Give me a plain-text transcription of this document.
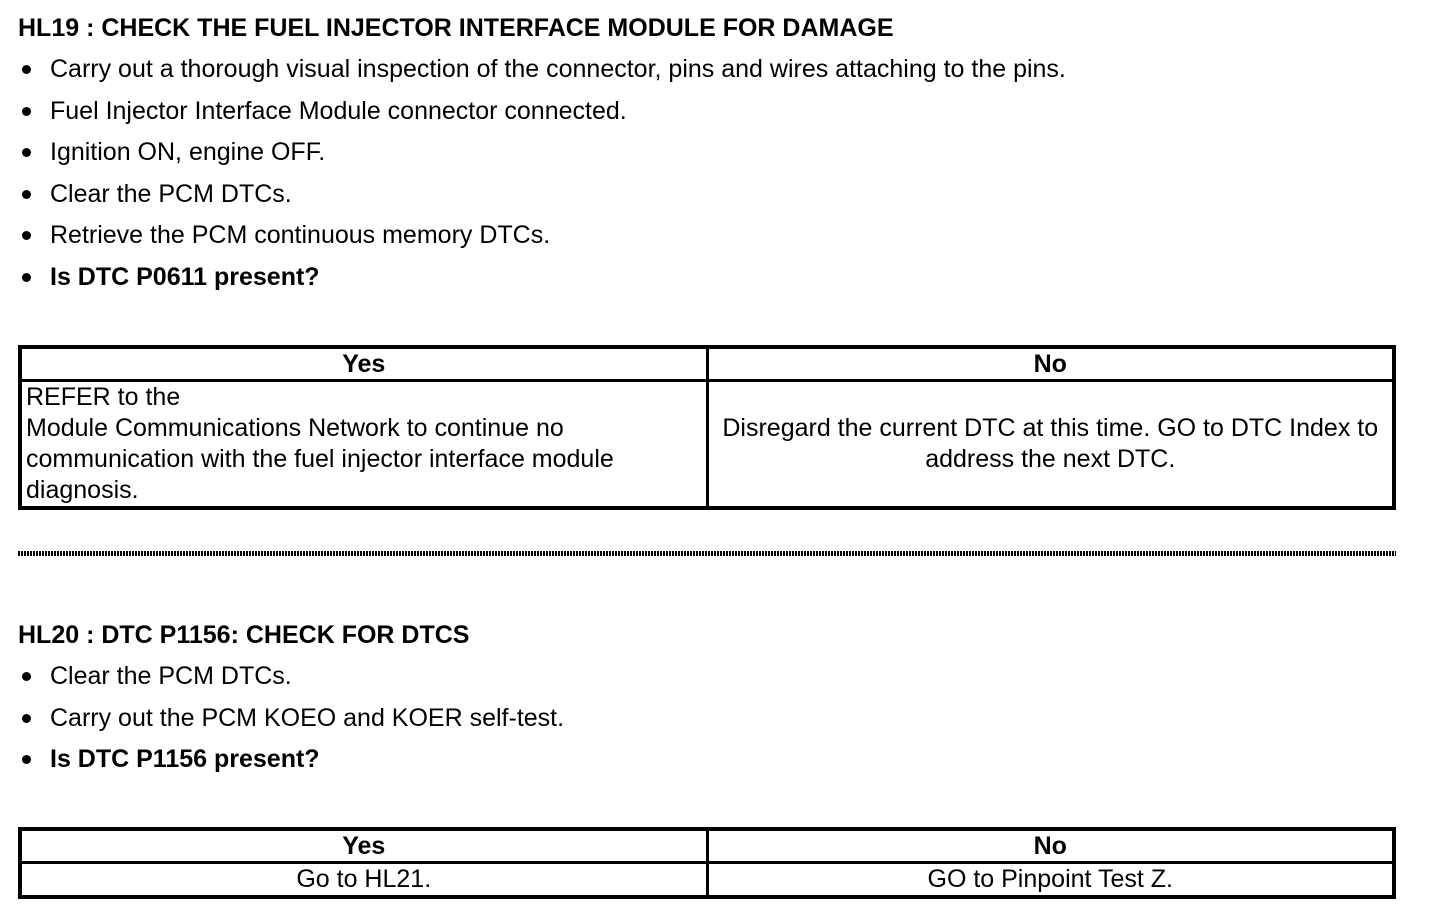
HL19 : CHECK THE FUEL INJECTOR INTERFACE MODULE FOR DAMAGE
Carry out a thorough visual inspection of the connector, pins and wires attaching to the pins.
Fuel Injector Interface Module connector connected.
Ignition ON, engine OFF.
Clear the PCM DTCs.
Retrieve the PCM continuous memory DTCs.
Is DTC P0611 present?
Yes	No

REFER to the
Module Communications Network to continue no communication with the fuel injector interface module diagnosis.	Disregard the current DTC at this time. GO to DTC Index to address the next DTC.
HL20 : DTC P1156: CHECK FOR DTCS
Clear the PCM DTCs.
Carry out the PCM KOEO and KOER self-test.
Is DTC P1156 present?
Yes	No
Go to HL21.	GO to Pinpoint Test Z.
